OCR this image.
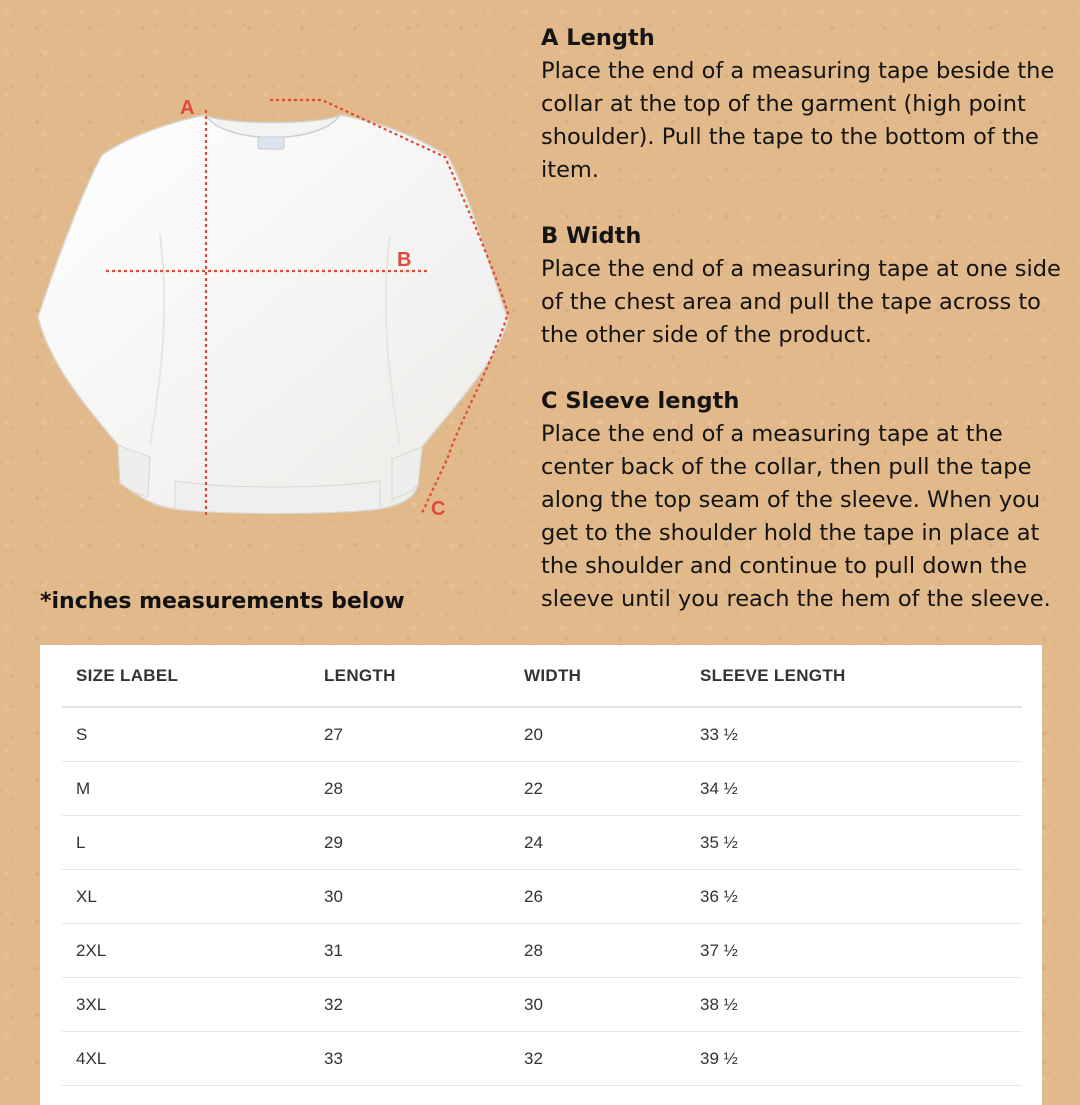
A
B
C
A Length
Place the end of a measuring tape beside the collar at the top of the garment (high point shoulder). Pull the tape to the bottom of the item.
B Width
Place the end of a measuring tape at one side of the chest area and pull the tape across to the other side of the product.
C Sleeve length
Place the end of a measuring tape at the center back of the collar, then pull the tape along the top seam of the sleeve. When you get to the shoulder hold the tape in place at the shoulder and continue to pull down the sleeve until you reach the hem of the sleeve.
*inches measurements below
SIZE LABEL	LENGTH	WIDTH	SLEEVE LENGTH
S	27	20	33 ½
M	28	22	34 ½
L	29	24	35 ½
XL	30	26	36 ½
2XL	31	28	37 ½
3XL	32	30	38 ½
4XL	33	32	39 ½
